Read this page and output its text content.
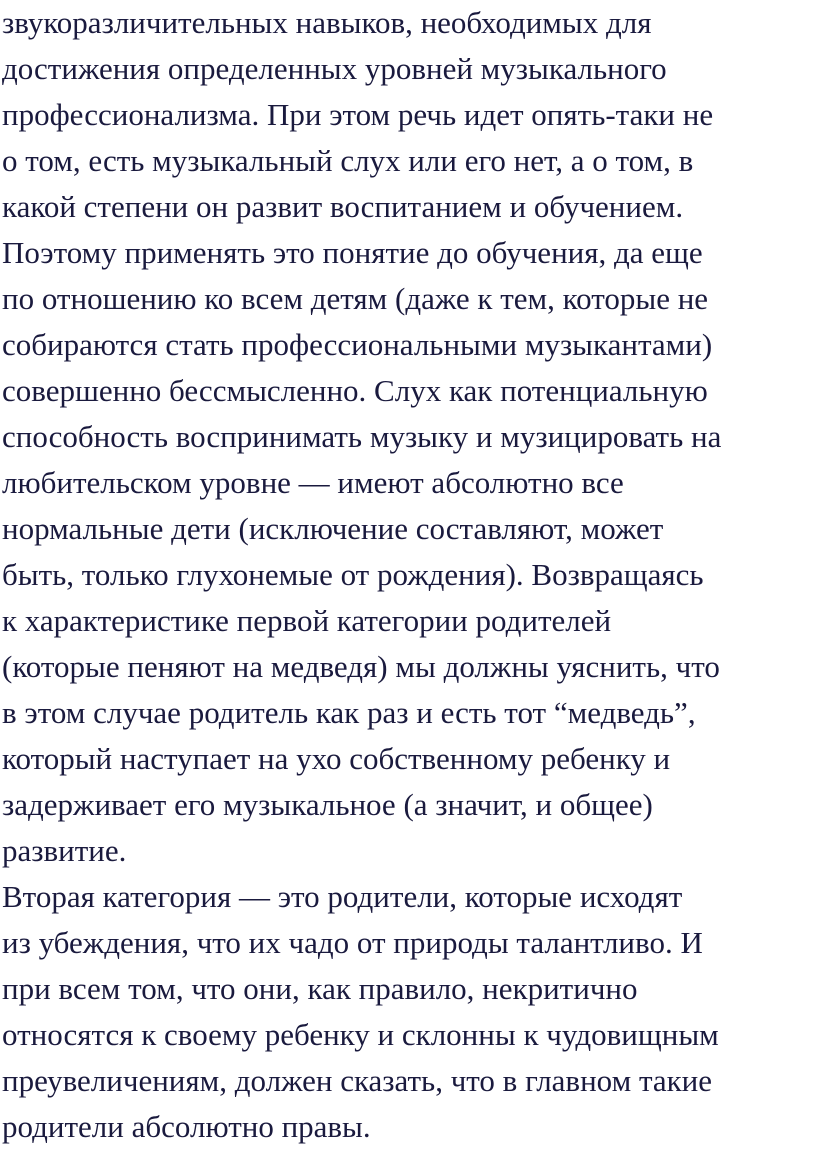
звукоразличительных навыков, необходимых для
достижения определенных уровней музыкального
профессионализма. При этом речь идет опять-таки не
о том, есть музыкальный слух или его нет, а о том, в
какой степени он развит воспитанием и обучением.
Поэтому применять это понятие до обучения, да еще
по отношению ко всем детям (даже к тем, которые не
собираются стать профессиональными музыкантами)
совершенно бессмысленно. Слух как потенциальную
способность воспринимать музыку и музицировать на
любительском уровне — имеют абсолютно все
нормальные дети (исключение составляют, может
быть, только глухонемые от рождения). Возвращаясь
к характеристике первой категории родителей
(которые пеняют на медведя) мы должны уяснить, что
в этом случае родитель как раз и есть тот “медведь”,
который наступает на ухо собственному ребенку и
задерживает его музыкальное (а значит, и общее)
развитие.
Вторая категория — это родители, которые исходят
из убеждения, что их чадо от природы талантливо. И
при всем том, что они, как правило, некритично
относятся к своему ребенку и склонны к чудовищным
преувеличениям, должен сказать, что в главном такие
родители абсолютно правы.
